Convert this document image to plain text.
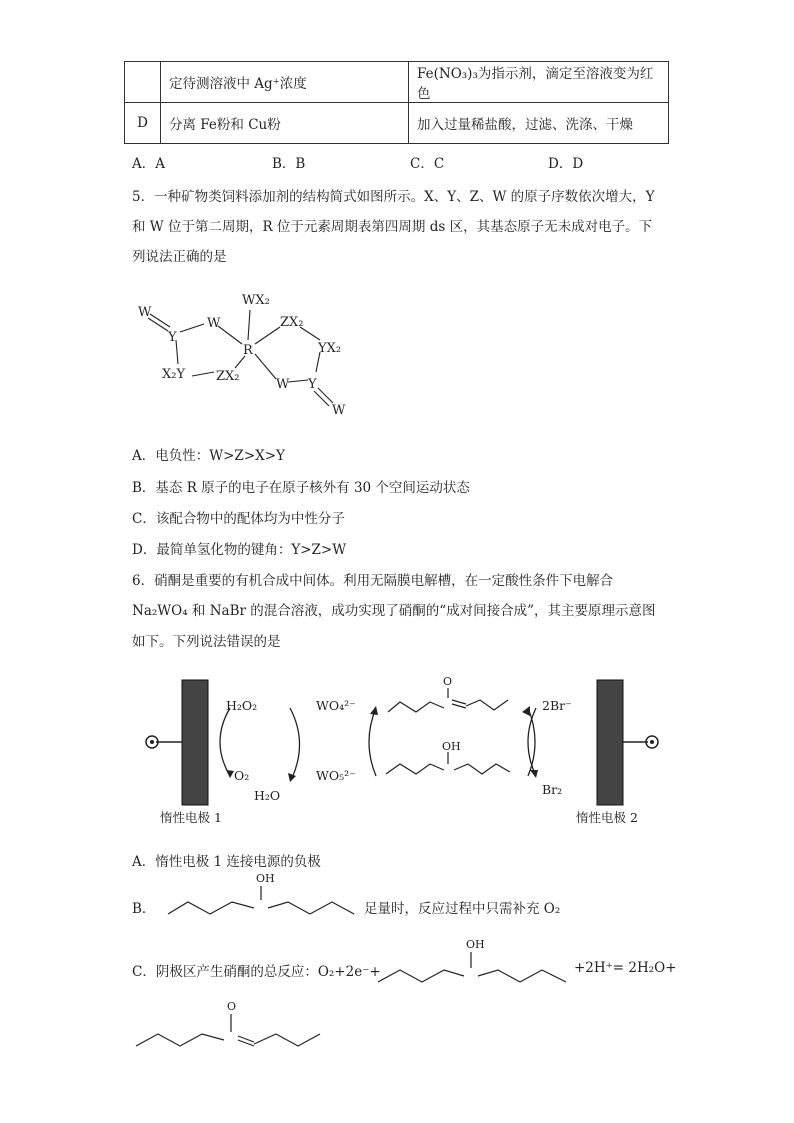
	定待测溶液中 Ag⁺浓度	Fe(NO₃)₃为指示剂，滴定至溶液变为红色
D	分离 Fe粉和 Cu粉	加入过量稀盐酸，过滤、洗涤、干燥
A．A	B．B	C．C	D．D
5．一种矿物类饲料添加剂的结构简式如图所示。X、Y、Z、W 的原子序数依次增大，Y
和 W 位于第二周期，R 位于元素周期表第四周期 ds 区，其基态原子无未成对电子。下
列说法正确的是
WX₂
W
W
Y
R
ZX₂
YX₂
X₂Y ZX₂
W Y
W
A．电负性：W>Z>X>Y
B．基态 R 原子的电子在原子核外有 30 个空间运动状态
C．该配合物中的配体均为中性分子
D．最简单氢化物的键角：Y>Z>W
6．硝酮是重要的有机合成中间体。利用无隔膜电解槽，在一定酸性条件下电解合
Na₂WO₄ 和 NaBr 的混合溶液，成功实现了硝酮的“成对间接合成”，其主要原理示意图
如下。下列说法错误的是
H₂O₂
O₂
H₂O
WO₄²⁻
WO₅²⁻
2Br⁻
Br₂
O
OH
惰性电极 1	惰性电极 2
A．惰性电极 1 连接电源的负极
B．
OH
足量时，反应过程中只需补充 O₂
C．阴极区产生硝酮的总反应：O₂+2e⁻+
OH
+2H⁺= 2H₂O+
O
